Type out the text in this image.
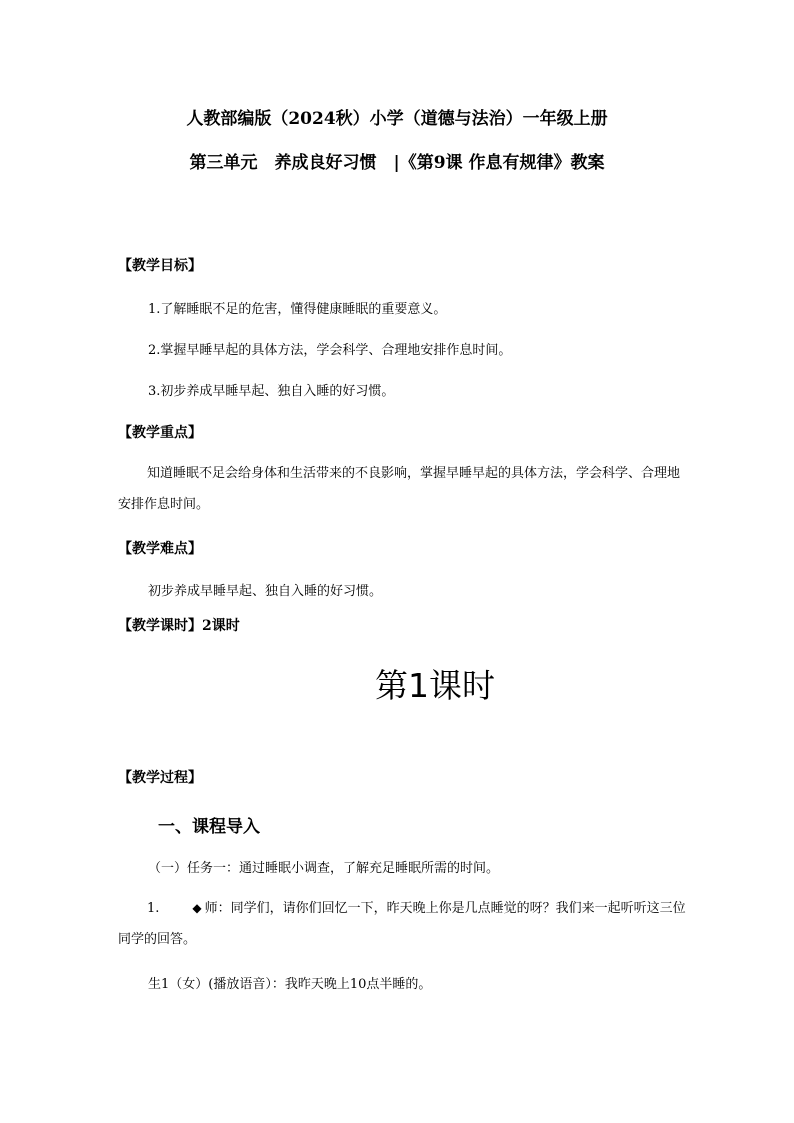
人教部编版（2024秋）小学（道德与法治）一年级上册
第三单元　养成良好习惯　|《第9课 作息有规律》教案
【教学目标】
1.了解睡眠不足的危害，懂得健康睡眠的重要意义。
2.掌握早睡早起的具体方法，学会科学、合理地安排作息时间。
3.初步养成早睡早起、独自入睡的好习惯。
【教学重点】
知道睡眠不足会给身体和生活带来的不良影响，掌握早睡早起的具体方法，学会科学、合理地安排作息时间。
【教学难点】
初步养成早睡早起、独自入睡的好习惯。
【教学课时】2课时
第1课时
【教学过程】
一、课程导入
（一）任务一：通过睡眠小调查，了解充足睡眠所需的时间。
1.	◆ 师：同学们，请你们回忆一下，昨天晚上你是几点睡觉的呀？我们来一起听听这三位同学的回答。
生1（女）(播放语音）：我昨天晚上10点半睡的。
